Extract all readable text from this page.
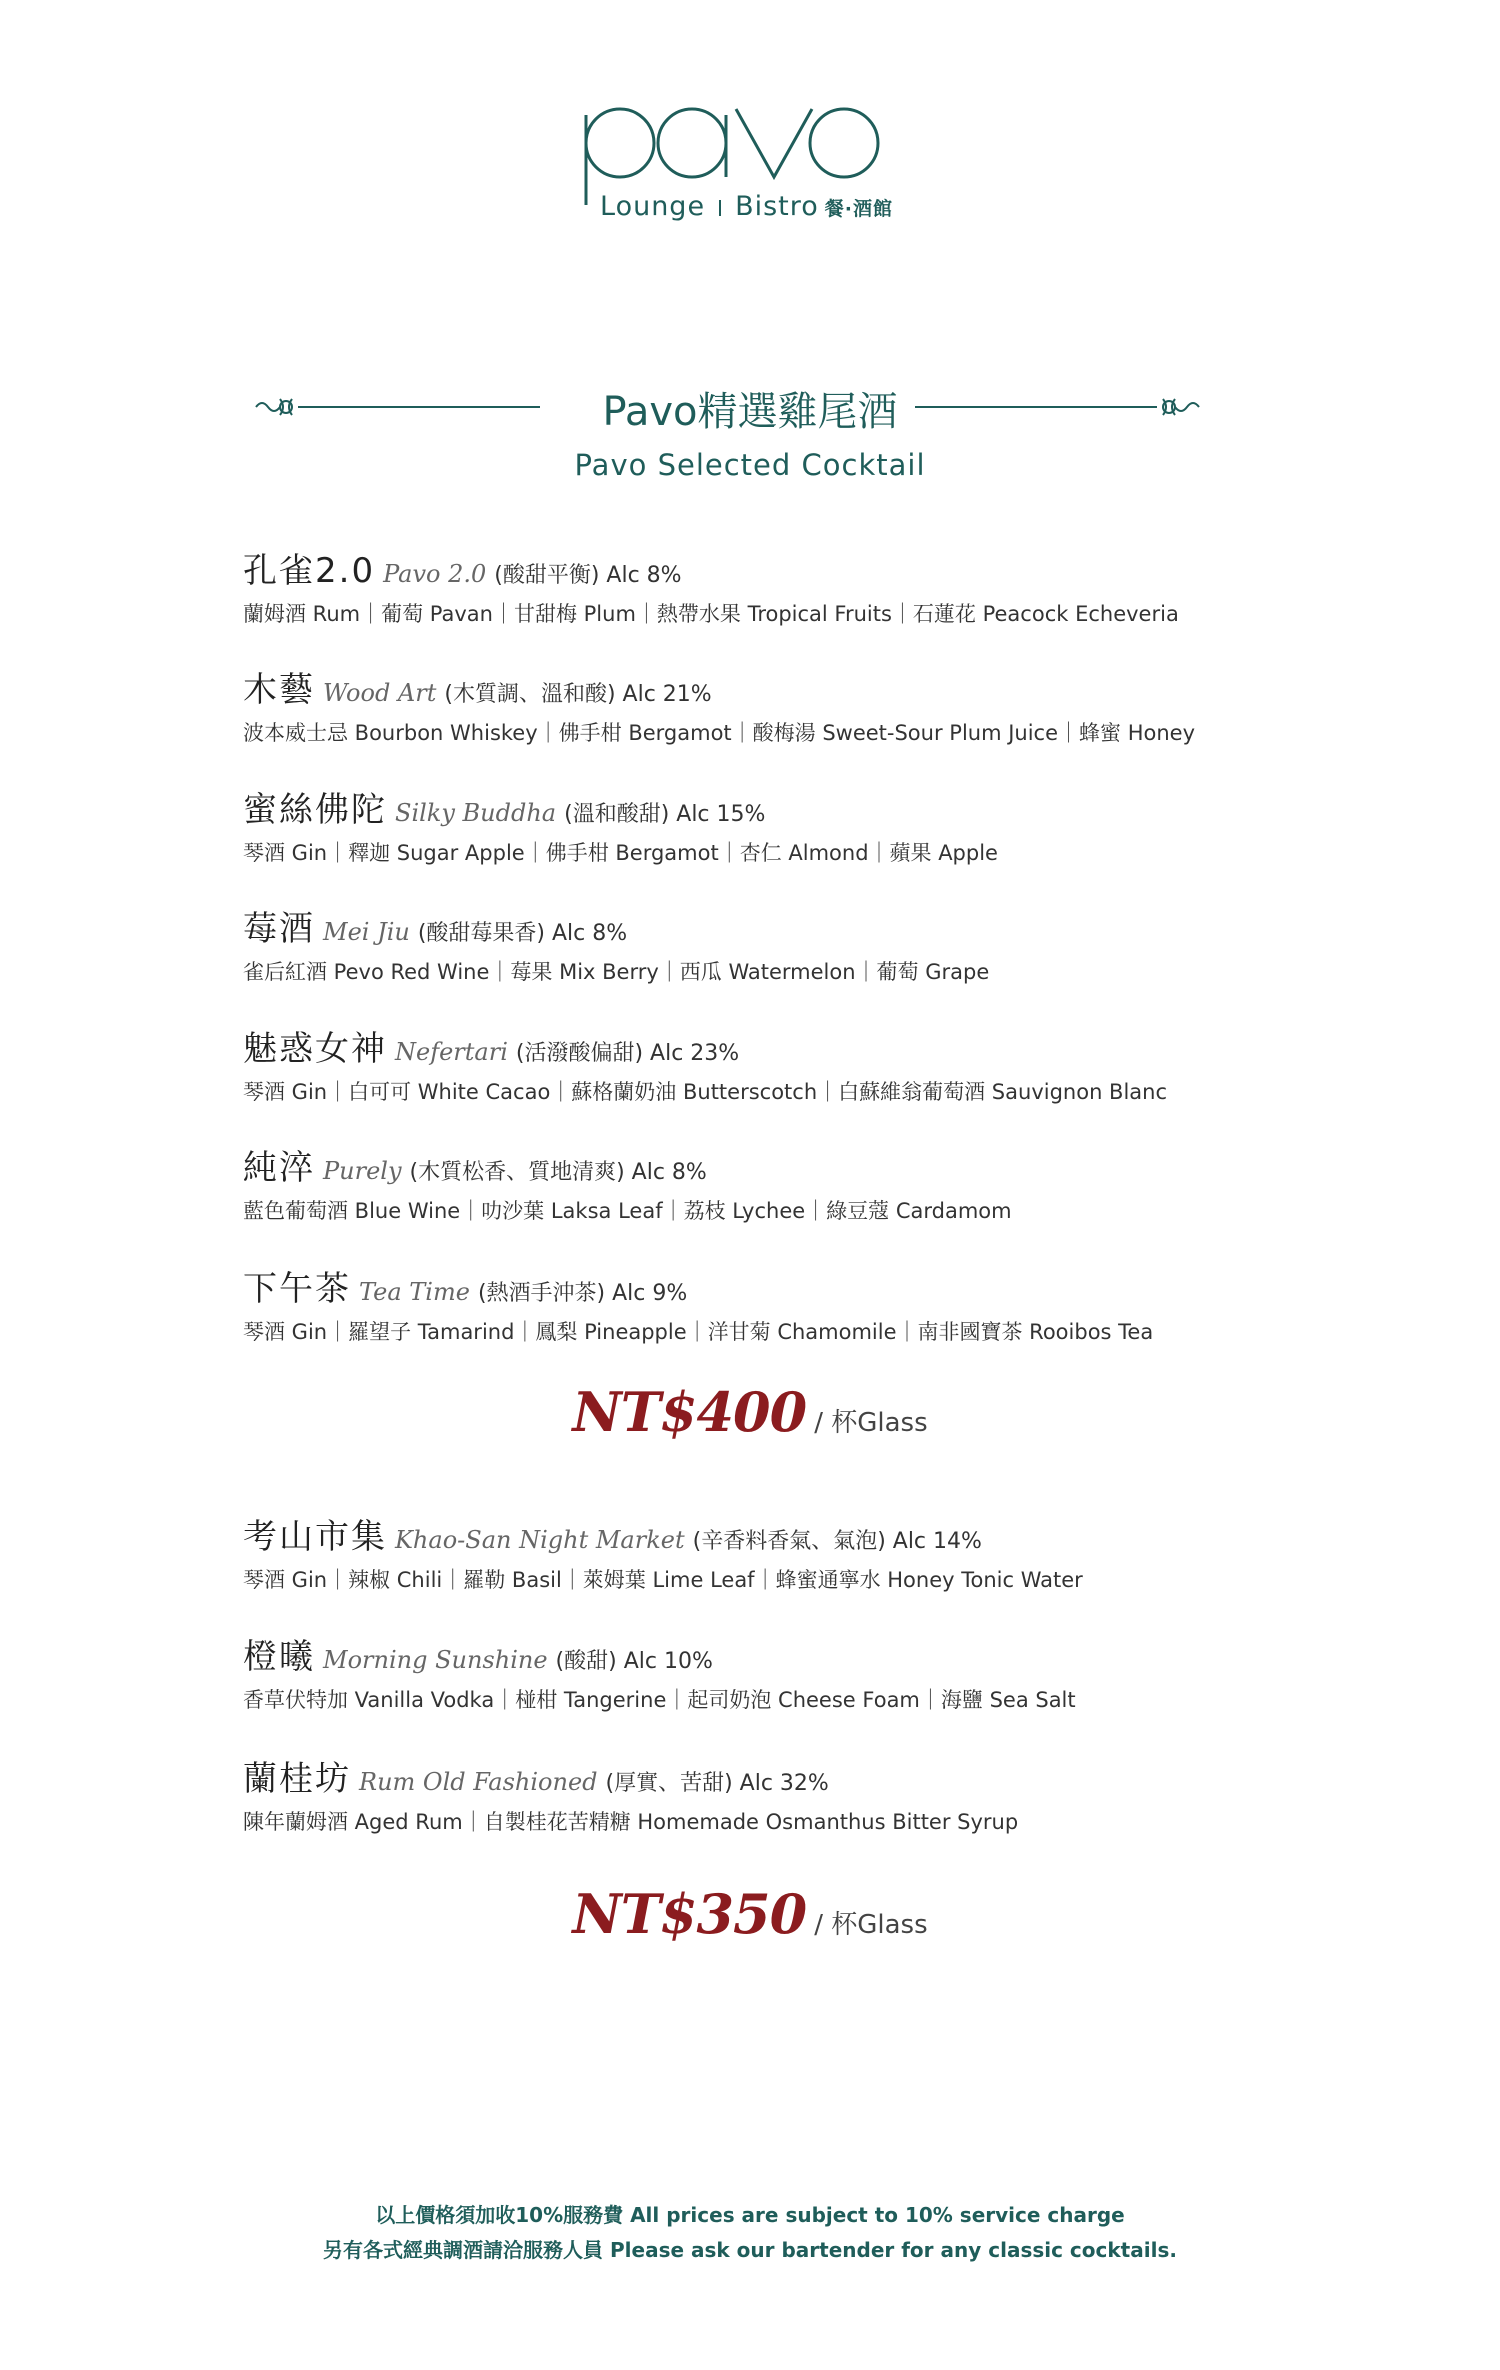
Lounge Bistro 餐·酒館
Pavo精選雞尾酒
Pavo Selected Cocktail
孔雀2.0 Pavo 2.0 (酸甜平衡) Alc 8%
蘭姆酒 Rum｜葡萄 Pavan｜甘甜梅 Plum｜熱帶水果 Tropical Fruits｜石蓮花 Peacock Echeveria
木藝 Wood Art (木質調、溫和酸) Alc 21%
波本威士忌 Bourbon Whiskey｜佛手柑 Bergamot｜酸梅湯 Sweet-Sour Plum Juice｜蜂蜜 Honey
蜜絲佛陀 Silky Buddha (溫和酸甜) Alc 15%
琴酒 Gin｜釋迦 Sugar Apple｜佛手柑 Bergamot｜杏仁 Almond｜蘋果 Apple
莓酒 Mei Jiu (酸甜莓果香) Alc 8%
雀后紅酒 Pevo Red Wine｜莓果 Mix Berry｜西瓜 Watermelon｜葡萄 Grape
魅惑女神 Nefertari (活潑酸偏甜) Alc 23%
琴酒 Gin｜白可可 White Cacao｜蘇格蘭奶油 Butterscotch｜白蘇維翁葡萄酒 Sauvignon Blanc
純淬 Purely (木質松香、質地清爽) Alc 8%
藍色葡萄酒 Blue Wine｜叻沙葉 Laksa Leaf｜荔枝 Lychee｜綠豆蔻 Cardamom
下午茶 Tea Time (熱酒手沖茶) Alc 9%
琴酒 Gin｜羅望子 Tamarind｜鳳梨 Pineapple｜洋甘菊 Chamomile｜南非國寶茶 Rooibos Tea
NT$400 / 杯Glass
考山市集 Khao-San Night Market (辛香料香氣、氣泡) Alc 14%
琴酒 Gin｜辣椒 Chili｜羅勒 Basil｜萊姆葉 Lime Leaf｜蜂蜜通寧水 Honey Tonic Water
橙曦 Morning Sunshine (酸甜) Alc 10%
香草伏特加 Vanilla Vodka｜椪柑 Tangerine｜起司奶泡 Cheese Foam｜海鹽 Sea Salt
蘭桂坊 Rum Old Fashioned (厚實、苦甜) Alc 32%
陳年蘭姆酒 Aged Rum｜自製桂花苦精糖 Homemade Osmanthus Bitter Syrup
NT$350 / 杯Glass
以上價格須加收10%服務費 All prices are subject to 10% service charge
另有各式經典調酒請洽服務人員 Please ask our bartender for any classic cocktails.
